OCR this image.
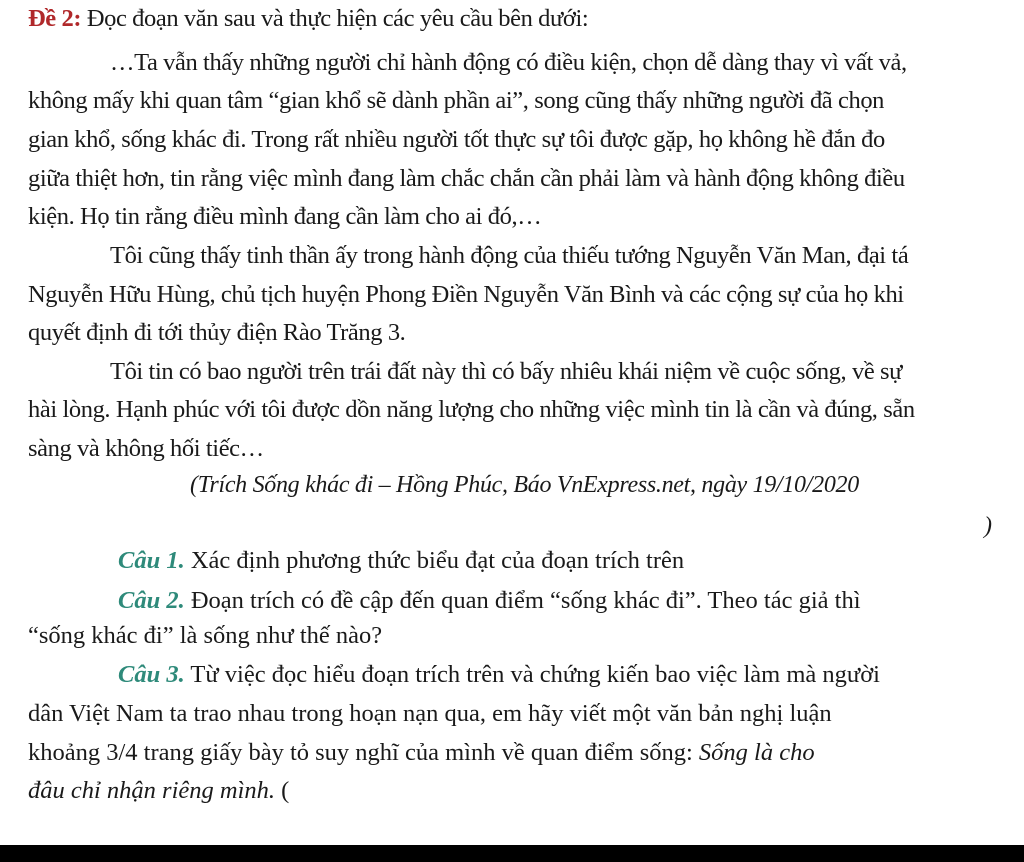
Đề 2: Đọc đoạn văn sau và thực hiện các yêu cầu bên dưới:
…Ta vẫn thấy những người chỉ hành động có điều kiện, chọn dễ dàng thay vì vất vả,
không mấy khi quan tâm “gian khổ sẽ dành phần ai”, song cũng thấy những người đã chọn
gian khổ, sống khác đi. Trong rất nhiều người tốt thực sự tôi được gặp, họ không hề đắn đo
giữa thiệt hơn, tin rằng việc mình đang làm chắc chắn cần phải làm và hành động không điều
kiện. Họ tin rằng điều mình đang cần làm cho ai đó,…
Tôi cũng thấy tinh thần ấy trong hành động của thiếu tướng Nguyễn Văn Man, đại tá
Nguyễn Hữu Hùng, chủ tịch huyện Phong Điền Nguyễn Văn Bình và các cộng sự của họ khi
quyết định đi tới thủy điện Rào Trăng 3.
Tôi tin có bao người trên trái đất này thì có bấy nhiêu khái niệm về cuộc sống, về sự
hài lòng. Hạnh phúc với tôi được dồn năng lượng cho những việc mình tin là cần và đúng, sẵn
sàng và không hối tiếc…
(Trích Sống khác đi – Hồng Phúc, Báo VnExpress.net, ngày 19/10/2020
)
Câu 1. Xác định phương thức biểu đạt của đoạn trích trên
Câu 2. Đoạn trích có đề cập đến quan điểm “sống khác đi”. Theo tác giả thì
“sống khác đi” là sống như thế nào?
Câu 3. Từ việc đọc hiểu đoạn trích trên và chứng kiến bao việc làm mà người
dân Việt Nam ta trao nhau trong hoạn nạn qua, em hãy viết một văn bản nghị luận
khoảng 3/4 trang giấy bày tỏ suy nghĩ của mình về quan điểm sống: Sống là cho
đâu chỉ nhận riêng mình. (
